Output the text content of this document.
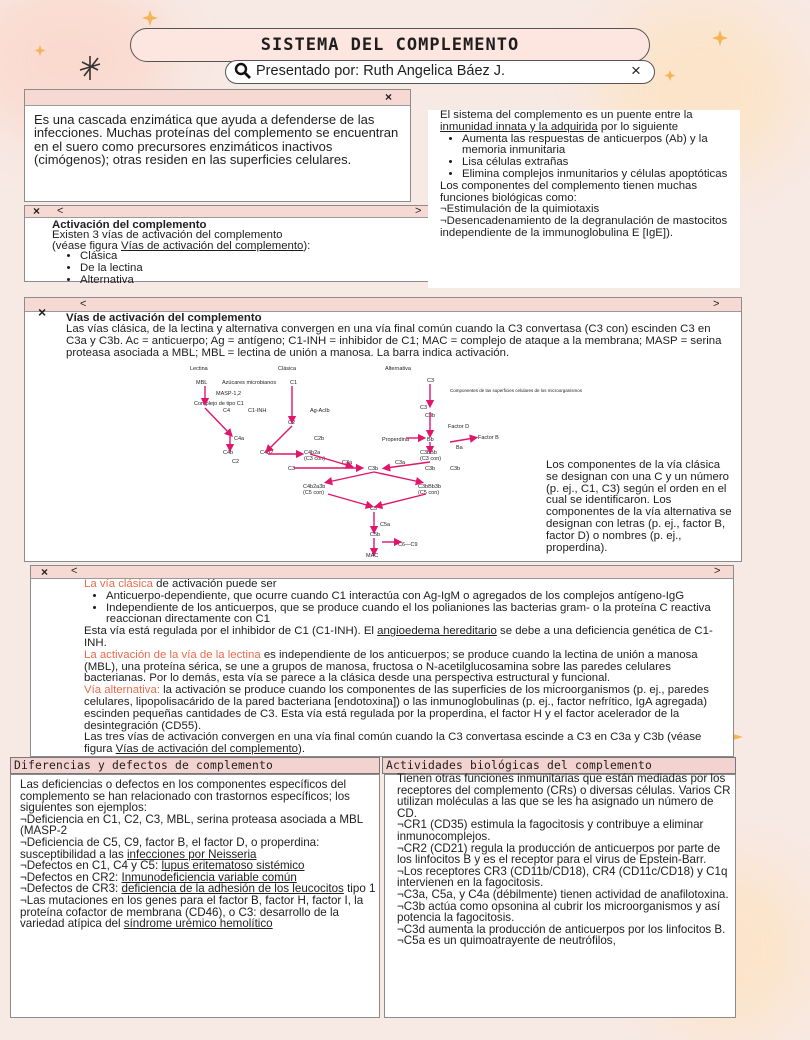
SISTEMA DEL COMPLEMENTO
Presentado por: Ruth Angelica Báez J.	×
×
Es una cascada enzimática que ayuda a defenderse de las infecciones. Muchas proteínas del complemento se encuentran en el suero como precursores enzimáticos inactivos (cimógenos); otras residen en las superficies celulares.
× <	>
Activación del complemento
Existen 3 vías de activación del complemento
(véase figura Vías de activación del complemento):
• Clásica
• De la lectina
• Alternativa
El sistema del complemento es un puente entre la inmunidad innata y la adquirida por lo siguiente
• Aumenta las respuestas de anticuerpos (Ab) y la memoria inmunitaria
• Lisa células extrañas
• Elimina complejos inmunitarios y células apoptóticas
Los componentes del complemento tienen muchas funciones biológicas como:
¬Estimulación de la quimiotaxis
¬Desencadenamiento de la degranulación de mastocitos independiente de la immunoglobulina E [IgE]).
<	>
× Vías de activación del complemento
Las vías clásica, de la lectina y alternativa convergen en una vía final común cuando la C3 convertasa (C3 con) escinden C3 en C3a y C3b. Ac = anticuerpo; Ag = antígeno; C1-INH = inhibidor de C1; MAC = complejo de ataque a la membrana; MASP = serina proteasa asociada a MBL; MBL = lectina de unión a manosa. La barra indica activación.
Lectina	Clásica	Alternativa
MBL	Azúcares microbianos
MASP-1,2
Complejo de tipo C1
C1
C1-INH	Ag-AcIb
C4
C2
C4a	C2b
C4b	C4b2	C4b2a
(C3 con)
C2	C3a
C3	C3b
C4b2a3b
(C5 con)
C3bBb3b
(C5 con)
C5
C5a
C5b
C6—C9
MAC
C3
Componentes de las superficies celulares de los microorganismos
C3
C3b
Factor D
Properdina	Bb	Factor B
Ba
C3bBb
(C3 con)
C3a
C3b	C3b	Los componentes de la vía clásica se designan con una C y un número (p. ej., C1, C3) según el orden en el cual se identificaron. Los componentes de la vía alternativa se designan con letras (p. ej., factor B, factor D) o nombres (p. ej., properdina).
× <	>
La vía clásica de activación puede ser
• Anticuerpo-dependiente, que ocurre cuando C1 interactúa con Ag-IgM o agregados de los complejos antígeno-IgG
• Independiente de los anticuerpos, que se produce cuando el los polianiones las bacterias gram- o la proteína C reactiva reaccionan directamente con C1
Esta vía está regulada por el inhibidor de C1 (C1-INH). El angioedema hereditario se debe a una deficiencia genética de C1-INH.
La activación de la vía de la lectina es independiente de los anticuerpos; se produce cuando la lectina de unión a manosa (MBL), una proteína sérica, se une a grupos de manosa, fructosa o N-acetilglucosamina sobre las paredes celulares bacterianas. Por lo demás, esta vía se parece a la clásica desde una perspectiva estructural y funcional.
Vía alternativa: la activación se produce cuando los componentes de las superficies de los microorganismos (p. ej., paredes celulares, lipopolisacárido de la pared bacteriana [endotoxina]) o las inmunoglobulinas (p. ej., factor nefrítico, IgA agregada) escinden pequeñas cantidades de C3. Esta vía está regulada por la properdina, el factor H y el factor acelerador de la desintegración (CD55).
Las tres vías de activación convergen en una vía final común cuando la C3 convertasa escinde a C3 en C3a y C3b (véase figura Vías de activación del complemento).
Diferencias y defectos de complemento	Actividades biológicas del complemento
Las deficiencias o defectos en los componentes específicos del complemento se han relacionado con trastornos específicos; los siguientes son ejemplos:
¬Deficiencia en C1, C2, C3, MBL, serina proteasa asociada a MBL (MASP-2
¬Deficiencia de C5, C9, factor B, el factor D, o properdina: susceptibilidad a las infecciones por Neisseria
¬Defectos en C1, C4 y C5: lupus eritematoso sistémico
¬Defectos en CR2: Inmunodeficiencia variable común
¬Defectos de CR3: deficiencia de la adhesión de los leucocitos tipo 1
¬Las mutaciones en los genes para el factor B, factor H, factor I, la proteína cofactor de membrana (CD46), o C3: desarrollo de la variedad atípica del síndrome urémico hemolítico
Tienen otras funciones inmunitarias que están mediadas por los receptores del complemento (CRs) o diversas células. Varios CR utilizan moléculas a las que se les ha asignado un número de CD.
¬CR1 (CD35) estimula la fagocitosis y contribuye a eliminar inmunocomplejos.
¬CR2 (CD21) regula la producción de anticuerpos por parte de los linfocitos B y es el receptor para el virus de Epstein-Barr.
¬Los receptores CR3 (CD11b/CD18), CR4 (CD11c/CD18) y C1q intervienen en la fagocitosis.
¬C3a, C5a, y C4a (débilmente) tienen actividad de anafilotoxina.
¬C3b actúa como opsonina al cubrir los microorganismos y así potencia la fagocitosis.
¬C3d aumenta la producción de anticuerpos por los linfocitos B.
¬C5a es un quimoatrayente de neutrófilos,
